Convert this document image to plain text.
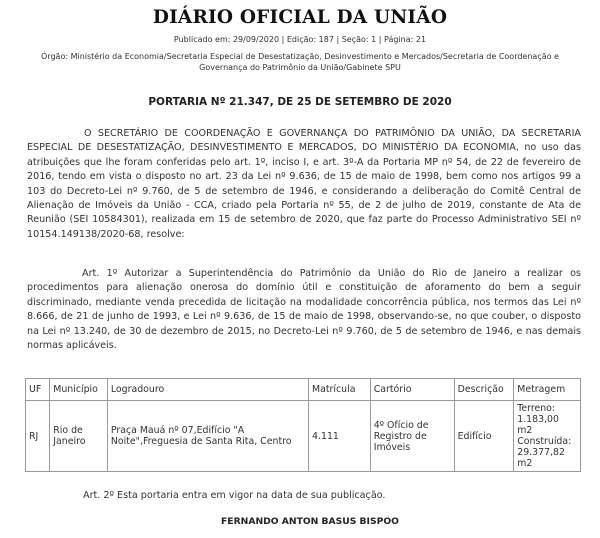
DIÁRIO OFICIAL DA UNIÃO
Publicado em: 29/09/2020 | Edição: 187 | Seção: 1 | Página: 21
Órgão: Ministério da Economia/Secretaria Especial de Desestatização, Desinvestimento e Mercados/Secretaria de Coordenação e
Governança do Patrimônio da União/Gabinete SPU
PORTARIA Nº 21.347, DE 25 DE SETEMBRO DE 2020

O SECRETÁRIO DE COORDENAÇÃO E GOVERNANÇA DO PATRIMÔNIO DA UNIÃO, DA SECRETARIA ESPECIAL DE DESESTATIZAÇÃO, DESINVESTIMENTO E MERCADOS, DO MINISTÉRIO DA ECONOMIA, no uso das atribuições que lhe foram conferidas pelo art. 1º, inciso I, e art. 3º-A da Portaria MP nº 54, de 22 de fevereiro de 2016, tendo em vista o disposto no art. 23 da Lei nº 9.636, de 15 de maio de 1998, bem como nos artigos 99 a 103 do Decreto-Lei nº 9.760, de 5 de setembro de 1946, e considerando a deliberação do Comitê Central de Alienação de Imóveis da União - CCA, criado pela Portaria nº 55, de 2 de julho de 2019, constante de Ata de Reunião (SEI 10584301), realizada em 15 de setembro de 2020, que faz parte do Processo Administrativo SEI nº 10154.149138/2020-68, resolve:

Art. 1º Autorizar a Superintendência do Patrimônio da União do Rio de Janeiro a realizar os procedimentos para alienação onerosa do domínio útil e constituição de aforamento do bem a seguir discriminado, mediante venda precedida de licitação na modalidade concorrência pública, nos termos das Lei nº 8.666, de 21 de junho de 1993, e Lei nº 9.636, de 15 de maio de 1998, observando-se, no que couber, o disposto na Lei nº 13.240, de 30 de dezembro de 2015, no Decreto-Lei nº 9.760, de 5 de setembro de 1946, e nas demais normas aplicáveis.

UF	Município	Logradouro	Matrícula	Cartório	Descrição	Metragem
RJ	Rio de Janeiro	Praça Mauá nº 07,Edifício "A Noite",Freguesia de Santa Rita, Centro	4.111	4º Ofício de Registro de Imóveis	Edifício	Terreno:
1.183,00 m2
Construída:
29.377,82 m2
Art. 2º Esta portaria entra em vigor na data de sua publicação.
FERNANDO ANTON BASUS BISPOO
